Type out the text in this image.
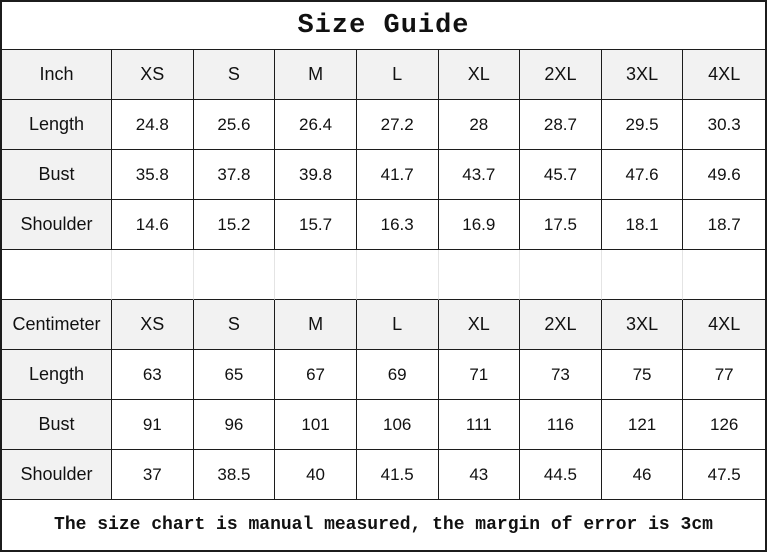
Size Guide
Inch	XS	S	M	L	XL	2XL	3XL	4XL
Length	24.8	25.6	26.4	27.2	28	28.7	29.5	30.3
Bust	35.8	37.8	39.8	41.7	43.7	45.7	47.6	49.6
Shoulder	14.6	15.2	15.7	16.3	16.9	17.5	18.1	18.7
Centimeter	XS	S	M	L	XL	2XL	3XL	4XL
Length	63	65	67	69	71	73	75	77
Bust	91	96	101	106	111	116	121	126
Shoulder	37	38.5	40	41.5	43	44.5	46	47.5
The size chart is manual measured, the margin of error is 3cm
